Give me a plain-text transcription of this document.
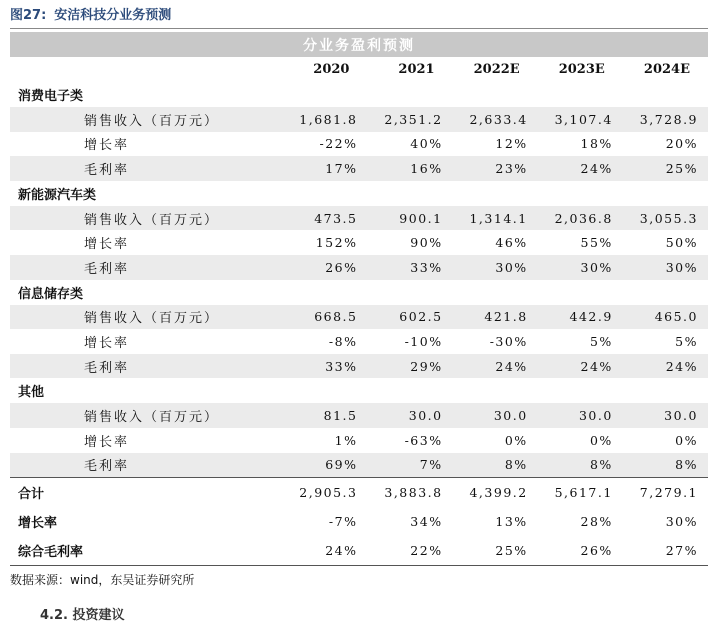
图27: 安洁科技分业务预测
分业务盈利预测					
	2020	2021	2022E	2023E	2024E
消费电子类					
销售收入（百万元）	1,681.8	2,351.2	2,633.4	3,107.4	3,728.9
增长率	-22%	40%	12%	18%	20%
毛利率	17%	16%	23%	24%	25%
新能源汽车类					
销售收入（百万元）	473.5	900.1	1,314.1	2,036.8	3,055.3
增长率	152%	90%	46%	55%	50%
毛利率	26%	33%	30%	30%	30%
信息储存类					
销售收入（百万元）	668.5	602.5	421.8	442.9	465.0
增长率	-8%	-10%	-30%	5%	5%
毛利率	33%	29%	24%	24%	24%
其他					
销售收入（百万元）	81.5	30.0	30.0	30.0	30.0
增长率	1%	-63%	0%	0%	0%
毛利率	69%	7%	8%	8%	8%
合计	2,905.3	3,883.8	4,399.2	5,617.1	7,279.1
增长率	-7%	34%	13%	28%	30%
综合毛利率	24%	22%	25%	26%	27%
数据来源：wind，东吴证券研究所
4.2. 投资建议
